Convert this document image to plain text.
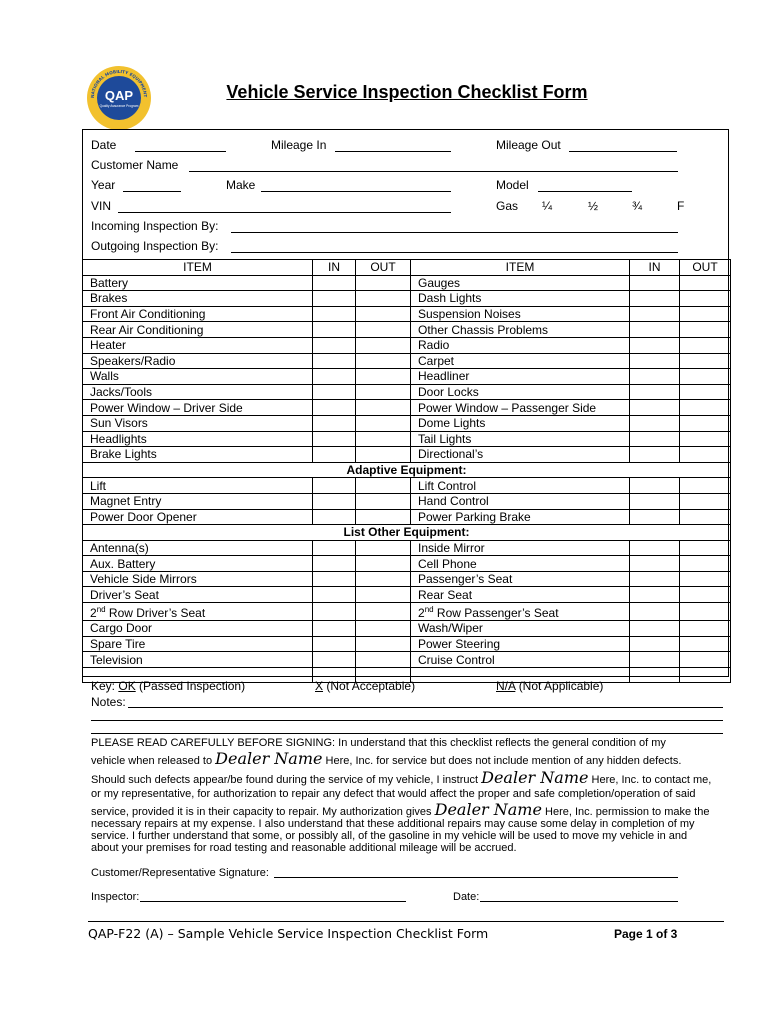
NATIONAL MOBILITY EQUIPMENT
QAP
Quality Assurance Program
Vehicle Service Inspection Checklist Form
Date	Mileage In	Mileage Out
Customer Name
Year	Make	Model
VIN	Gas ¼	½	¾	F
Incoming Inspection By:
Outgoing Inspection By:
ITEM	IN	OUT	ITEM	IN	OUT
Battery			Gauges		
Brakes			Dash Lights		
Front Air Conditioning			Suspension Noises		
Rear Air Conditioning			Other Chassis Problems		
Heater			Radio		
Speakers/Radio			Carpet		
Walls			Headliner		
Jacks/Tools			Door Locks		
Power Window – Driver Side			Power Window – Passenger Side		
Sun Visors			Dome Lights		
Headlights			Tail Lights		
Brake Lights			Directional’s		
Adaptive Equipment:					
Lift			Lift Control		
Magnet Entry			Hand Control		
Power Door Opener			Power Parking Brake		
List Other Equipment:					
Antenna(s)			Inside Mirror		
Aux. Battery			Cell Phone		
Vehicle Side Mirrors			Passenger’s Seat		
Driver’s Seat			Rear Seat		
2nd Row Driver’s Seat			2nd Row Passenger’s Seat		
Cargo Door			Wash/Wiper		
Spare Tire			Power Steering		
Television			Cruise Control		

Key: OK (Passed Inspection)	X (Not Acceptable)	N/A (Not Applicable)
Notes:
PLEASE READ CAREFULLY BEFORE SIGNING: In understand that this checklist reflects the general condition of my
vehicle when released to Dealer Name Here, Inc. for service but does not include mention of any hidden defects.
Should such defects appear/be found during the service of my vehicle, I instruct Dealer Name Here, Inc. to contact me,
or my representative, for authorization to repair any defect that would affect the proper and safe completion/operation of said
service, provided it is in their capacity to repair. My authorization gives Dealer Name Here, Inc. permission to make the
necessary repairs at my expense. I also understand that these additional repairs may cause some delay in completion of my
service. I further understand that some, or possibly all, of the gasoline in my vehicle will be used to move my vehicle in and
about your premises for road testing and reasonable additional mileage will be accrued.
Customer/Representative Signature:
Inspector:	Date:
QAP-F22 (A) – Sample Vehicle Service Inspection Checklist Form	Page 1 of 3
